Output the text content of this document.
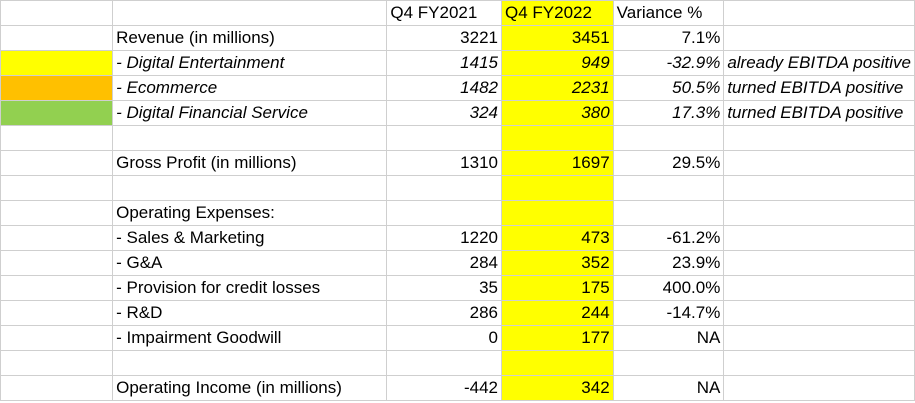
		Q4 FY2021	Q4 FY2022	Variance %	
	Revenue (in millions)	3221	3451	7.1%	
	- Digital Entertainment	1415	949	-32.9%	already EBITDA positive
	- Ecommerce	1482	2231	50.5%	turned EBITDA positive
	- Digital Financial Service	324	380	17.3%	turned EBITDA positive

	Gross Profit (in millions)	1310	1697	29.5%	

	Operating Expenses:				
	- Sales & Marketing	1220	473	-61.2%	
	- G&A	284	352	23.9%	
	- Provision for credit losses	35	175	400.0%	
	- R&D	286	244	-14.7%	
	- Impairment Goodwill	0	177	NA	

	Operating Income (in millions)	-442	342	NA	
